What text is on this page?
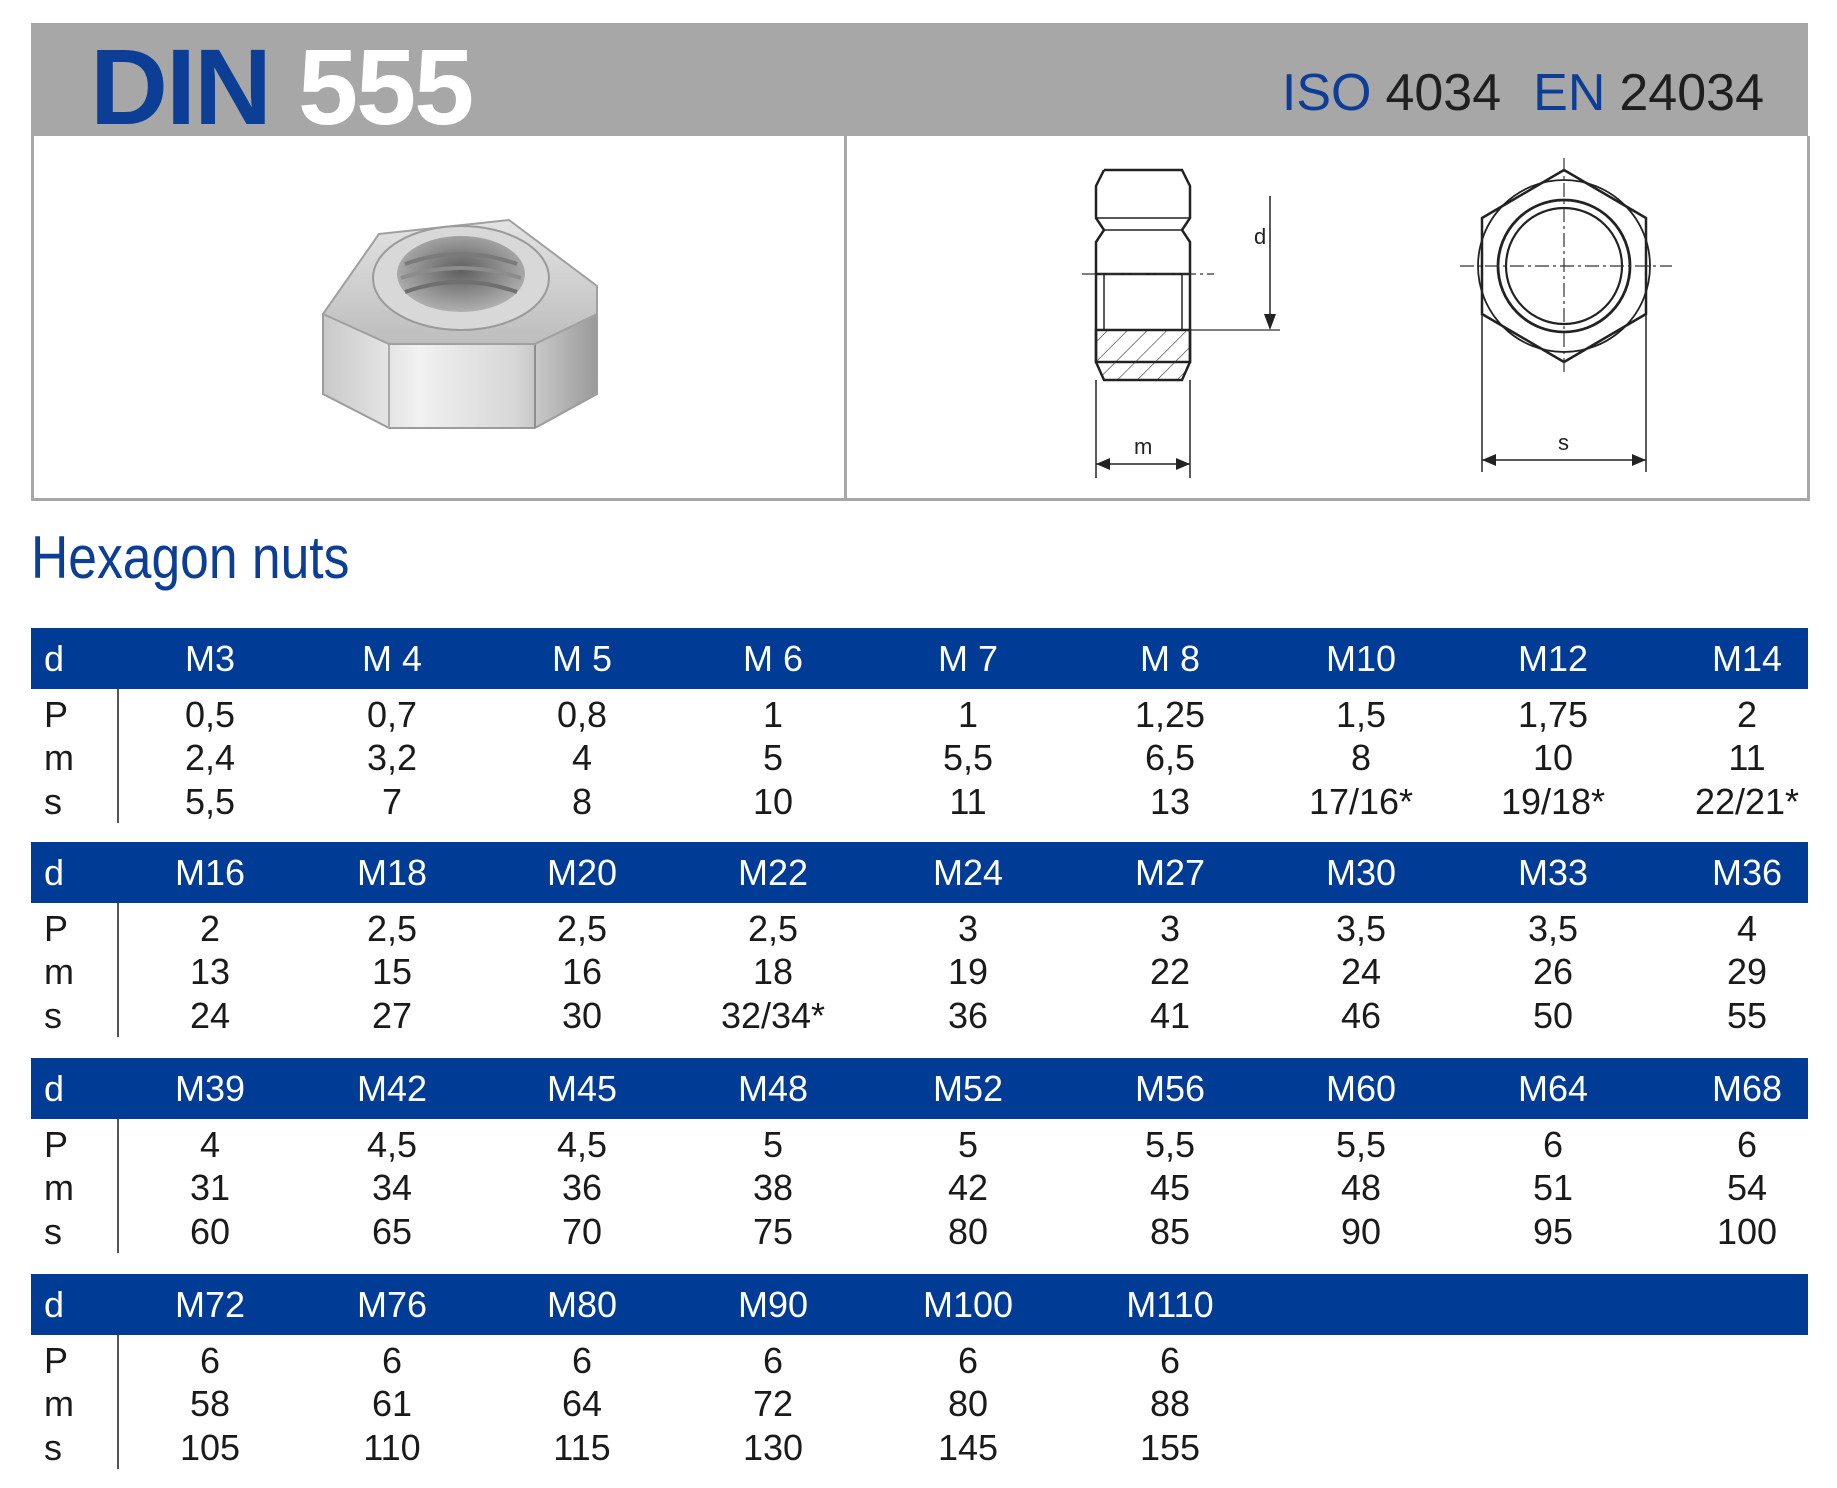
DIN 555	ISO 4034 EN 24034
d
m	s
Hexagon nuts
d	M3	M 4	M 5	M 6	M 7	M 8	M10	M12	M14
P	0,5	0,7	0,8	1	1	1,25	1,5	1,75	2
m	2,4	3,2	4	5	5,5	6,5	8	10	11
s	5,5	7	8	10	11	13	17/16* 19/18* 22/21*
d	M16	M18	M20	M22	M24	M27	M30	M33	M36
P	2	2,5	2,5	2,5	3	3	3,5	3,5	4
m	13	15	16	18	19	22	24	26	29
s	24	27	30	32/34*	36	41	46	50	55
d	M39	M42	M45	M48	M52	M56	M60	M64	M68
P	4	4,5	4,5	5	5	5,5	5,5	6	6
m	31	34	36	38	42	45	48	51	54
s	60	65	70	75	80	85	90	95	100
d	M72	M76	M80	M90	M100	M110
P	6	6	6	6	6	6
m	58	61	64	72	80	88
s	105	110	115	130	145	155
